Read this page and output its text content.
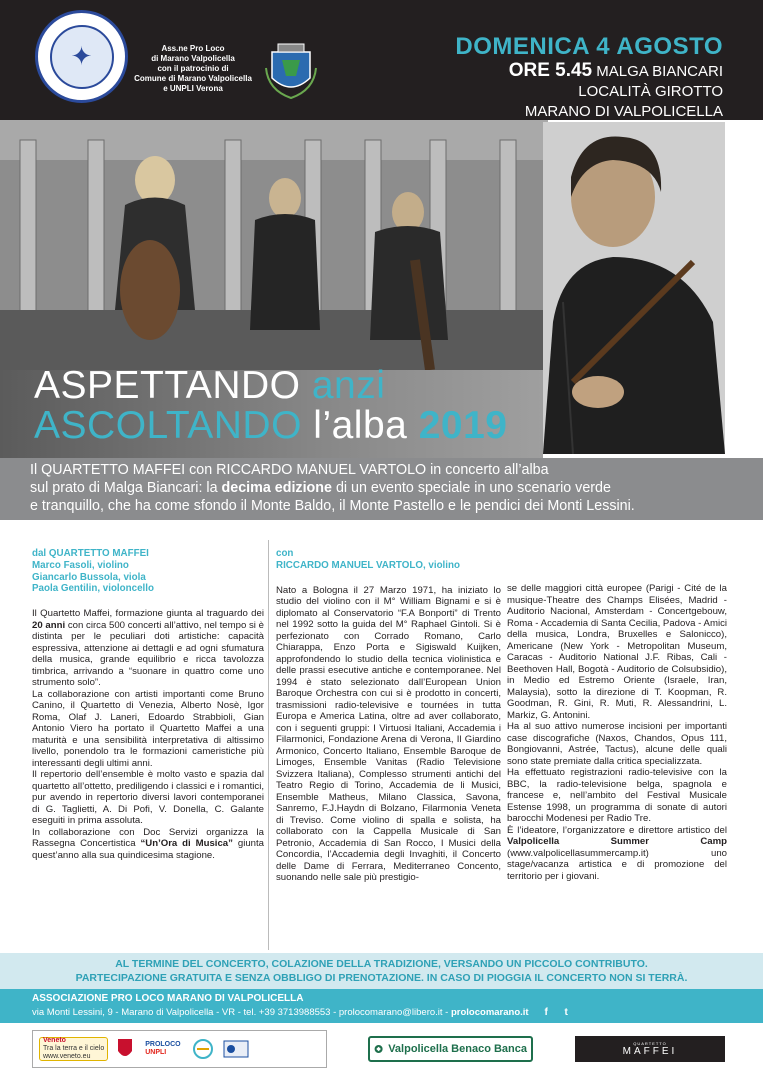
✦	Ass.ne Pro Loco
di Marano Valpolicella
con il patrocinio di
Comune di Marano Valpolicella
e UNPLI Verona
DOMENICA 4 AGOSTO
ORE 5.45 MALGA BIANCARI
LOCALITÀ GIROTTO
MARANO DI VALPOLICELLA
ASPETTANDO anzi
ASCOLTANDO l’alba 2019

Il QUARTETTO MAFFEI con RICCARDO MANUEL VARTOLO in concerto all’alba

sul prato di Malga Biancari: la decima edizione di un evento speciale in uno scenario verde

e tranquillo, che ha come sfondo il Monte Baldo, il Monte Pastello e le pendici dei Monti Lessini.

dal QUARTETTO MAFFEI
Marco Fasoli, violino
Giancarlo Bussola, viola
Paola Gentilin, violoncello

Il Quartetto Maffei, formazione giunta al traguardo dei 20 anni con circa 500 concerti all’attivo, nel tempo si è distinta per le peculiari doti artistiche: capacità espressiva, attenzione ai dettagli e ad ogni sfumatura della musica, grande equilibrio e ricca tavolozza timbrica, arrivando a “suonare in quattro come uno strumento solo”.

La collaborazione con artisti importanti come Bruno Canino, il Quartetto di Venezia, Alberto Nosè, Igor Roma, Olaf J. Laneri, Edoardo Strabbioli, Gian Antonio Viero ha portato il Quartetto Maffei a una maturità e una sensibilità interpretativa di altissimo livello, ponendolo tra le formazioni cameristiche più interessanti degli ultimi anni.

Il repertorio dell’ensemble è molto vasto e spazia dal quartetto all’ottetto, prediligendo i classici e i romantici, pur avendo in repertorio diversi lavori contemporanei di G. Taglietti, A. Di Pofi, V. Donella, C. Galante eseguiti in prima assoluta.

In collaborazione con Doc Servizi organizza la Rassegna Concertistica “Un’Ora di Musica” giunta quest’anno alla sua quindicesima stagione.

con
RICCARDO MANUEL VARTOLO, violino

Nato a Bologna il 27 Marzo 1971, ha iniziato lo studio del violino con il M° William Bignami e si è diplomato al Conservatorio “F.A Bonporti” di Trento nel 1992 sotto la guida del M° Raphael Gintoli. Si è perfezionato con Corrado Romano, Carlo Chiarappa, Enzo Porta e Sigiswald Kuijken, approfondendo lo studio della tecnica violinistica e delle prassi esecutive antiche e contemporanee. Nel 1994 è stato selezionato dall’European Union Baroque Orchestra con cui si è prodotto in concerti, trasmissioni radio-televisive e tournées in tutta Europa e America Latina, oltre ad aver collaborato, con i seguenti gruppi: I Virtuosi Italiani, Accademia i Filarmonici, Fondazione Arena di Verona, Il Giardino Armonico, Concerto Italiano, Ensemble Baroque de Limoges, Ensemble Vanitas (Radio Televisione Svizzera Italiana), Complesso strumenti antichi del Teatro Regio di Torino, Accademia de li Musici, Ensemble Matheus, Milano Classica, Savona, Sanremo, F.J.Haydn di Bolzano, Filarmonia Veneta di Treviso. Come violino di spalla e solista, ha collaborato con la Cappella Musicale di San Petronio, Accademia di San Rocco, I Musici della Concordia, l’Accademia degli Invaghiti, il Concerto delle Dame di Ferrara, Mediterraneo Concento, suonando nelle sale più prestigio-

se delle maggiori città europee (Parigi - Cité de la musique-Theatre des Champs Elisées, Madrid - Auditorio Nacional, Amsterdam - Concertgebouw, Roma - Accademia di Santa Cecilia, Padova - Amici della musica, Londra, Bruxelles e Salonicco), Americane (New York - Metropolitan Museum, Caracas - Auditorio National J.F. Ribas, Cali - Beethoven Hall, Bogotà - Auditorio de Colsubsidio), in Medio ed Estremo Oriente (Israele, Iran, Malaysia), sotto la direzione di T. Koopman, R. Goodman, R. Gini, R. Muti, R. Alessandrini, L. Markiz, G. Antonini.

Ha al suo attivo numerose incisioni per importanti case discografiche (Naxos, Chandos, Opus 111, Bongiovanni, Astrée, Tactus), alcune delle quali sono state premiate dalla critica specializzata.

Ha effettuato registrazioni radio-televisive con la BBC, la radio-televisione belga, spagnola e francese e, nell’ambito del Festival Musicale Estense 1998, un programma di sonate di autori barocchi Modenesi per Radio Tre.

È l’ideatore, l’organizzatore e direttore artistico del Valpolicella Summer Camp (www.valpolicellasummercamp.it) uno stage/vacanza artistica e di promozione del territorio per i giovani.

AL TERMINE DEL CONCERTO, COLAZIONE DELLA TRADIZIONE, VERSANDO UN PICCOLO CONTRIBUTO.
PARTECIPAZIONE GRATUITA E SENZA OBBLIGO DI PRENOTAZIONE. IN CASO DI PIOGGIA IL CONCERTO NON SI TERRÀ.
ASSOCIAZIONE PRO LOCO MARANO DI VALPOLICELLA
via Monti Lessini, 9 - Marano di Valpolicella - VR - tel. +39 3713988553 - prolocomarano@libero.it - prolocomarano.it	f	t
Veneto
Tra la terra e il cielo
www.veneto.eu
PROLOCO
UNPLI	Valpolicella Benaco Banca	QUARTETTO
MAFFEI
